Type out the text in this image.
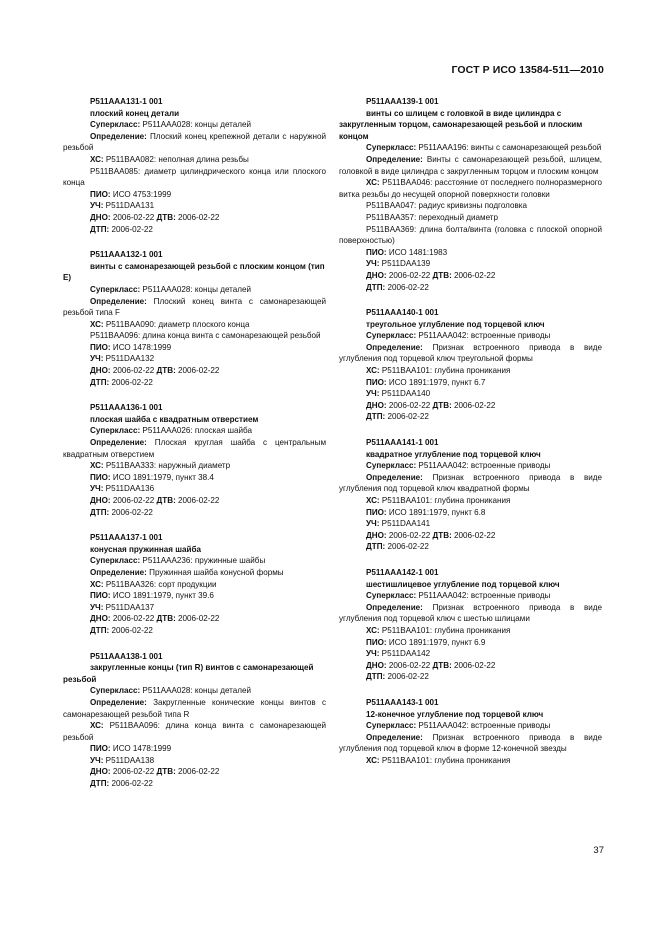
ГОСТ Р ИСО 13584-511—2010
P511AAA131-1 001
плоский конец детали
Суперкласс: P511AAA028: концы деталей
Определение: Плоский конец крепежной детали с наружной резьбой
ХС: P511BAA082: неполная длина резьбы
P511BAA085: диаметр цилиндрического конца или плоского конца
ПИО: ИСО 4753:1999
УЧ: P511DAA131
ДНО: 2006-02-22 ДТВ: 2006-02-22
ДТП: 2006-02-22
P511AAA132-1 001
винты с самонарезающей резьбой с плоским концом (тип E)
Суперкласс: P511AAA028: концы деталей
Определение: Плоский конец винта с самонарезающей резьбой типа F
ХС: P511BAA090: диаметр плоского конца
P511BAA096: длина конца винта с самонарезающей резьбой
ПИО: ИСО 1478:1999
УЧ: P511DAA132
ДНО: 2006-02-22 ДТВ: 2006-02-22
ДТП: 2006-02-22
P511AAA136-1 001
плоская шайба с квадратным отверстием
Суперкласс: P511AAA026: плоская шайба
Определение: Плоская круглая шайба с центральным квадратным отверстием
ХС: P511BAA333: наружный диаметр
ПИО: ИСО 1891:1979, пункт 38.4
УЧ: P511DAA136
ДНО: 2006-02-22 ДТВ: 2006-02-22
ДТП: 2006-02-22
P511AAA137-1 001
конусная пружинная шайба
Суперкласс: P511AAA236: пружинные шайбы
Определение: Пружинная шайба конусной формы
ХС: P511BAA326: сорт продукции
ПИО: ИСО 1891:1979, пункт 39.6
УЧ: P511DAA137
ДНО: 2006-02-22 ДТВ: 2006-02-22
ДТП: 2006-02-22
P511AAA138-1 001
закругленные концы (тип R) винтов с самонарезающей резьбой
Суперкласс: P511AAA028: концы деталей
Определение: Закругленные конические концы винтов с самонарезающей резьбой типа R
ХС: P511BAA096: длина конца винта с самонарезающей резьбой
ПИО: ИСО 1478:1999
УЧ: P511DAA138
ДНО: 2006-02-22 ДТВ: 2006-02-22
ДТП: 2006-02-22
P511AAA139-1 001
винты со шлицем с головкой в виде цилиндра с закругленным торцом, самонарезающей резьбой и плоским концом
Суперкласс: P511AAA196: винты с самонарезающей резьбой
Определение: Винты с самонарезающей резьбой, шлицем, головкой в виде цилиндра с закругленным торцом и плоским концом
ХС: P511BAA046: расстояние от последнего полноразмерного витка резьбы до несущей опорной поверхности головки
P511BAA047: радиус кривизны подголовка
P511BAA357: переходный диаметр
P511BAA369: длина болта/винта (головка с плоской опорной поверхностью)
ПИО: ИСО 1481:1983
УЧ: P511DAA139
ДНО: 2006-02-22 ДТВ: 2006-02-22
ДТП: 2006-02-22
P511AAA140-1 001
треугольное углубление под торцевой ключ
Суперкласс: P511AAA042: встроенные приводы
Определение: Признак встроенного привода в виде углубления под торцевой ключ треугольной формы
ХС: P511BAA101: глубина проникания
ПИО: ИСО 1891:1979, пункт 6.7
УЧ: P511DAA140
ДНО: 2006-02-22 ДТВ: 2006-02-22
ДТП: 2006-02-22
P511AAA141-1 001
квадратное углубление под торцевой ключ
Суперкласс: P511AAA042: встроенные приводы
Определение: Признак встроенного привода в виде углубления под торцевой ключ квадратной формы
ХС: P511BAA101: глубина проникания
ПИО: ИСО 1891:1979, пункт 6.8
УЧ: P511DAA141
ДНО: 2006-02-22 ДТВ: 2006-02-22
ДТП: 2006-02-22
P511AAA142-1 001
шестишлицевое углубление под торцевой ключ
Суперкласс: P511AAA042: встроенные приводы
Определение: Признак встроенного привода в виде углубления под торцевой ключ с шестью шлицами
ХС: P511BAA101: глубина проникания
ПИО: ИСО 1891:1979, пункт 6.9
УЧ: P511DAA142
ДНО: 2006-02-22 ДТВ: 2006-02-22
ДТП: 2006-02-22
P511AAA143-1 001
12-конечное углубление под торцевой ключ
Суперкласс: P511AAA042: встроенные приводы
Определение: Признак встроенного привода в виде углубления под торцевой ключ в форме 12-конечной звезды
ХС: P511BAA101: глубина проникания
37
